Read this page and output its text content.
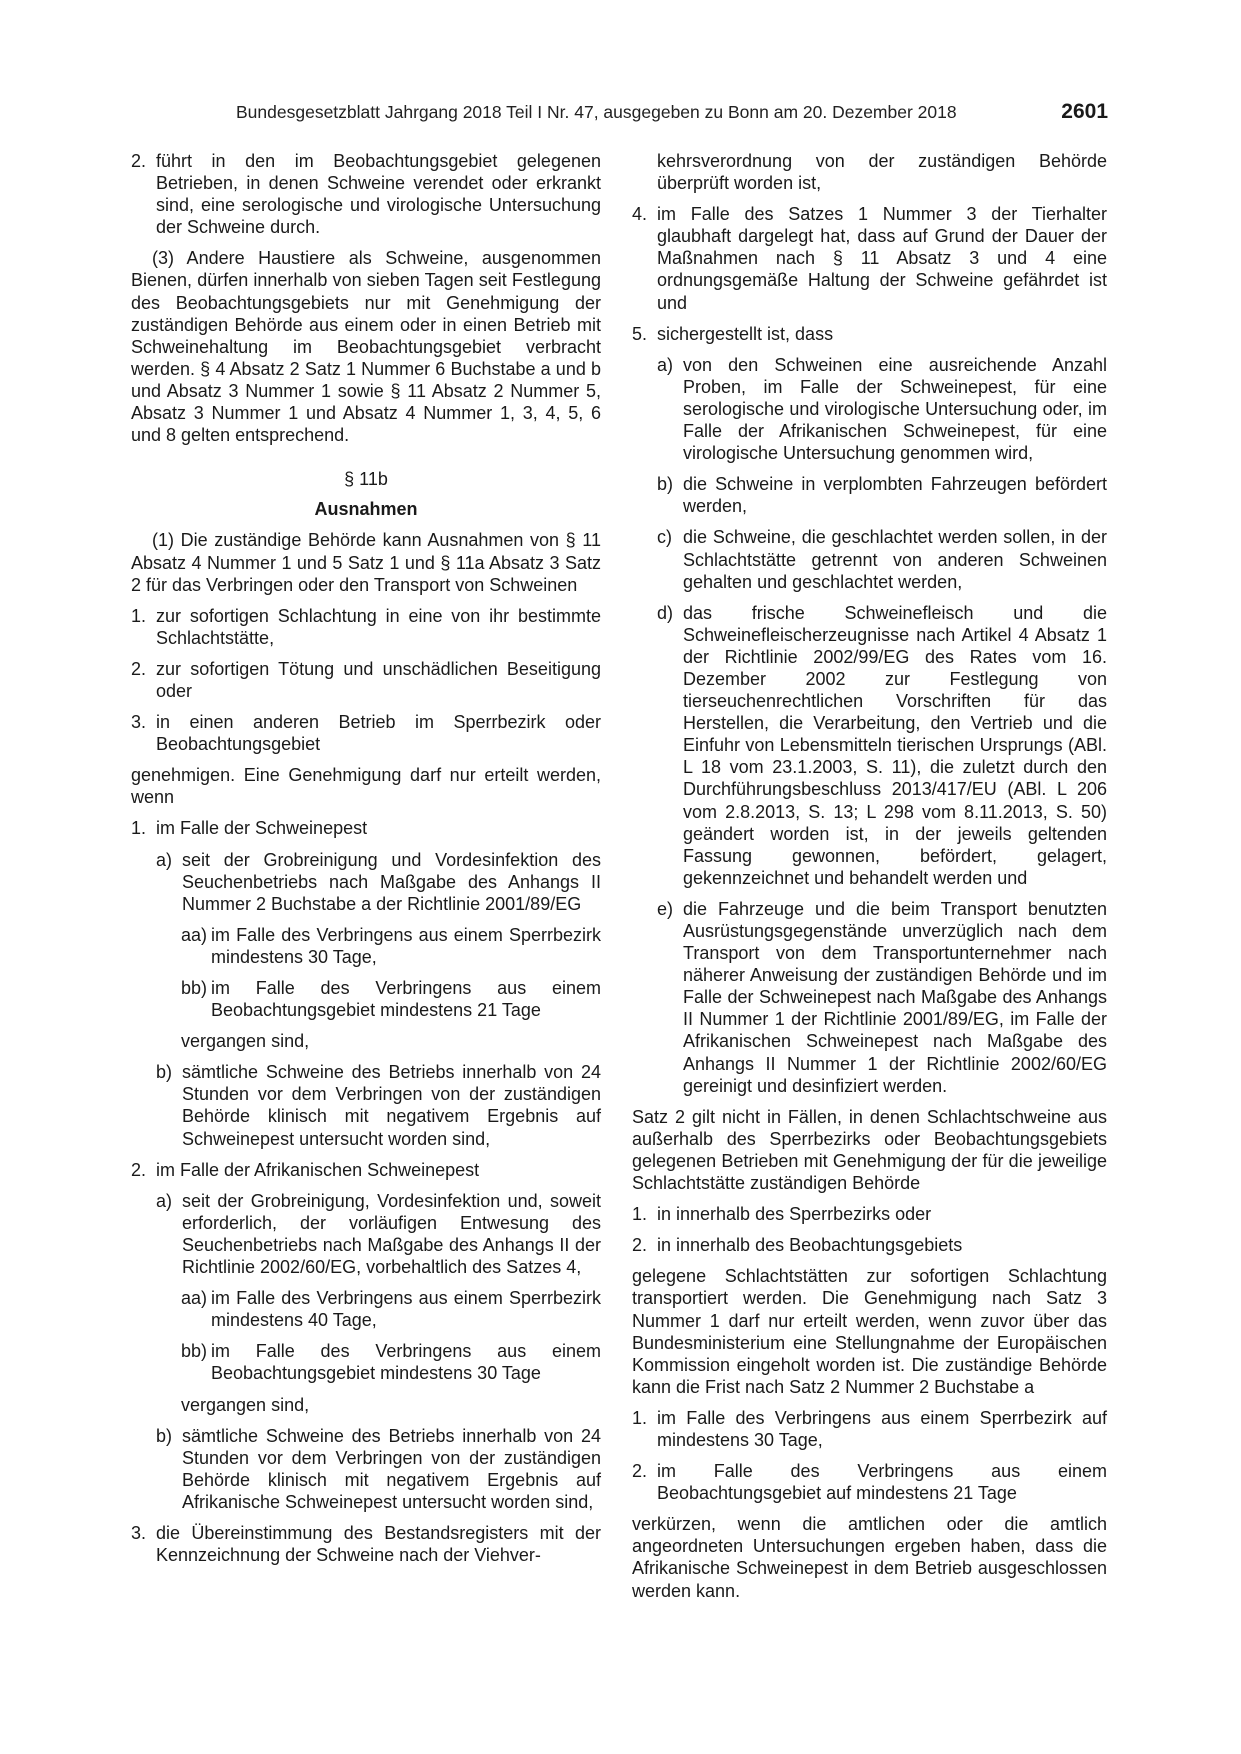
Bundesgesetzblatt Jahrgang 2018 Teil I Nr. 47, ausgegeben zu Bonn am 20. Dezember 2018	2601
2. führt in den im Beobachtungsgebiet gelegenen Betrieben, in denen Schweine verendet oder erkrankt sind, eine serologische und virologische Untersuchung der Schweine durch.

(3) Andere Haustiere als Schweine, ausgenommen Bienen, dürfen innerhalb von sieben Tagen seit Festlegung des Beobachtungsgebiets nur mit Genehmigung der zuständigen Behörde aus einem oder in einen Betrieb mit Schweinehaltung im Beobachtungsgebiet verbracht werden. § 4 Absatz 2 Satz 1 Nummer 6 Buchstabe a und b und Absatz 3 Nummer 1 sowie § 11 Absatz 2 Nummer 5, Absatz 3 Nummer 1 und Absatz 4 Nummer 1, 3, 4, 5, 6 und 8 gelten entsprechend.

§ 11b

Ausnahmen

(1) Die zuständige Behörde kann Ausnahmen von § 11 Absatz 4 Nummer 1 und 5 Satz 1 und § 11a Absatz 3 Satz 2 für das Verbringen oder den Transport von Schweinen

1. zur sofortigen Schlachtung in eine von ihr bestimmte Schlachtstätte,
2. zur sofortigen Tötung und unschädlichen Beseitigung oder
3. in einen anderen Betrieb im Sperrbezirk oder Beobachtungsgebiet

genehmigen. Eine Genehmigung darf nur erteilt werden, wenn

1. im Falle der Schweinepest
a) seit der Grobreinigung und Vordesinfektion des Seuchenbetriebs nach Maßgabe des Anhangs II Nummer 2 Buchstabe a der Richtlinie 2001/89/EG
aa) im Falle des Verbringens aus einem Sperrbezirk mindestens 30 Tage,
bb) im Falle des Verbringens aus einem Beobachtungsgebiet mindestens 21 Tage

vergangen sind,

b) sämtliche Schweine des Betriebs innerhalb von 24 Stunden vor dem Verbringen von der zuständigen Behörde klinisch mit negativem Ergebnis auf Schweinepest untersucht worden sind,
2. im Falle der Afrikanischen Schweinepest
a) seit der Grobreinigung, Vordesinfektion und, soweit erforderlich, der vorläufigen Entwesung des Seuchenbetriebs nach Maßgabe des Anhangs II der Richtlinie 2002/60/EG, vorbehaltlich des Satzes 4,
aa) im Falle des Verbringens aus einem Sperrbezirk mindestens 40 Tage,
bb) im Falle des Verbringens aus einem Beobachtungsgebiet mindestens 30 Tage

vergangen sind,

b) sämtliche Schweine des Betriebs innerhalb von 24 Stunden vor dem Verbringen von der zuständigen Behörde klinisch mit negativem Ergebnis auf Afrikanische Schweinepest untersucht worden sind,
3. die Übereinstimmung des Bestandsregisters mit der Kennzeichnung der Schweine nach der Viehver-

kehrsverordnung von der zuständigen Behörde überprüft worden ist,

4. im Falle des Satzes 1 Nummer 3 der Tierhalter glaubhaft dargelegt hat, dass auf Grund der Dauer der Maßnahmen nach § 11 Absatz 3 und 4 eine ordnungsgemäße Haltung der Schweine gefährdet ist und
5. sichergestellt ist, dass
a) von den Schweinen eine ausreichende Anzahl Proben, im Falle der Schweinepest, für eine serologische und virologische Untersuchung oder, im Falle der Afrikanischen Schweinepest, für eine virologische Untersuchung genommen wird,
b) die Schweine in verplombten Fahrzeugen befördert werden,
c) die Schweine, die geschlachtet werden sollen, in der Schlachtstätte getrennt von anderen Schweinen gehalten und geschlachtet werden,
d) das frische Schweinefleisch und die Schweinefleischerzeugnisse nach Artikel 4 Absatz 1 der Richtlinie 2002/99/EG des Rates vom 16. Dezember 2002 zur Festlegung von tierseuchenrechtlichen Vorschriften für das Herstellen, die Verarbeitung, den Vertrieb und die Einfuhr von Lebensmitteln tierischen Ursprungs (ABl. L 18 vom 23.1.2003, S. 11), die zuletzt durch den Durchführungsbeschluss 2013/417/EU (ABl. L 206 vom 2.8.2013, S. 13; L 298 vom 8.11.2013, S. 50) geändert worden ist, in der jeweils geltenden Fassung gewonnen, befördert, gelagert, gekennzeichnet und behandelt werden und
e) die Fahrzeuge und die beim Transport benutzten Ausrüstungsgegenstände unverzüglich nach dem Transport von dem Transportunternehmer nach näherer Anweisung der zuständigen Behörde und im Falle der Schweinepest nach Maßgabe des Anhangs II Nummer 1 der Richtlinie 2001/89/EG, im Falle der Afrikanischen Schweinepest nach Maßgabe des Anhangs II Nummer 1 der Richtlinie 2002/60/EG gereinigt und desinfiziert werden.

Satz 2 gilt nicht in Fällen, in denen Schlachtschweine aus außerhalb des Sperrbezirks oder Beobachtungsgebiets gelegenen Betrieben mit Genehmigung der für die jeweilige Schlachtstätte zuständigen Behörde

1. in innerhalb des Sperrbezirks oder
2. in innerhalb des Beobachtungsgebiets

gelegene Schlachtstätten zur sofortigen Schlachtung transportiert werden. Die Genehmigung nach Satz 3 Nummer 1 darf nur erteilt werden, wenn zuvor über das Bundesministerium eine Stellungnahme der Europäischen Kommission eingeholt worden ist. Die zuständige Behörde kann die Frist nach Satz 2 Nummer 2 Buchstabe a

1. im Falle des Verbringens aus einem Sperrbezirk auf mindestens 30 Tage,
2. im Falle des Verbringens aus einem Beobachtungsgebiet auf mindestens 21 Tage

verkürzen, wenn die amtlichen oder die amtlich angeordneten Untersuchungen ergeben haben, dass die Afrikanische Schweinepest in dem Betrieb ausgeschlossen werden kann.
